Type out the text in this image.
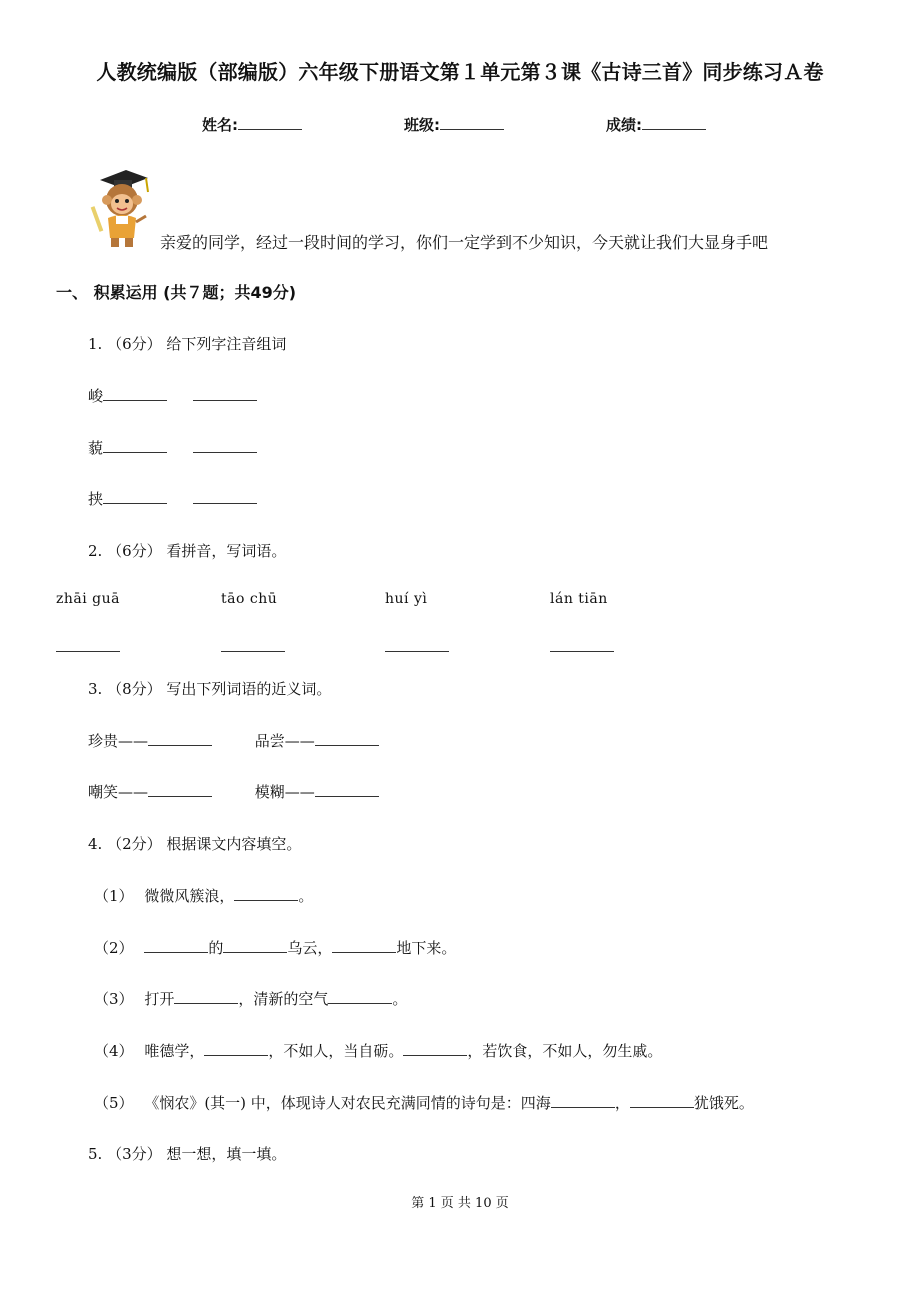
人教统编版（部编版）六年级下册语文第１单元第３课《古诗三首》同步练习Ａ卷
姓名:	班级:	成绩:
亲爱的同学，经过一段时间的学习，你们一定学到不少知识，今天就让我们大显身手吧
一、 积累运用 (共７题；共49分)
1. （6分） 给下列字注音组词
峻
藐
挟
2. （6分） 看拼音，写词语。
zhāi guā	tāo chū	huí yì	lán tiān
3. （8分） 写出下列词语的近义词。
珍贵——	品尝——
嘲笑——	模糊——
4. （2分） 根据课文内容填空。
（1） 微微风簇浪，	。
（2）	的	乌云，	地下来。
（3） 打开	，清新的空气	。
（4） 唯德学，	，不如人，当自砺。	，若饮食，不如人，勿生戚。
（5） 《悯农》(其一) 中，体现诗人对农民充满同情的诗句是：四海	，	犹饿死。
5. （3分） 想一想，填一填。
第 1 页 共 10 页
